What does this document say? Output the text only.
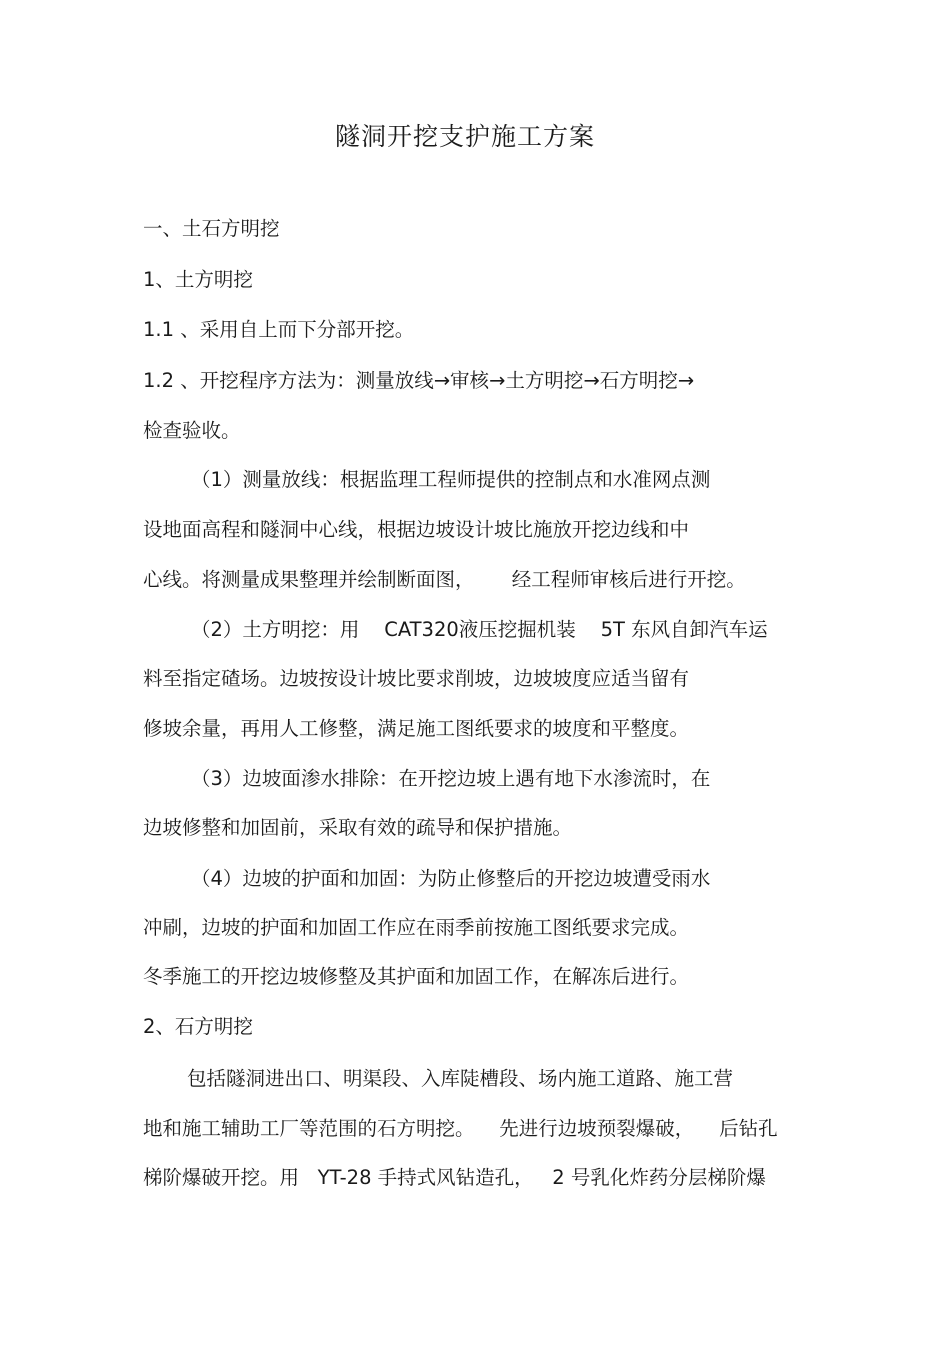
隧洞开挖支护施工方案
一、土石方明挖
1、土方明挖
1.1 、采用自上而下分部开挖。
1.2 、开挖程序方法为：测量放线→审核→土方明挖→石方明挖→
检查验收。
（1）测量放线：根据监理工程师提供的控制点和水准网点测
设地面高程和隧洞中心线，根据边坡设计坡比施放开挖边线和中
心线。将测量成果整理并绘制断面图，      经工程师审核后进行开挖。
（2）土方明挖：用    CAT320液压挖掘机装    5T 东风自卸汽车运
料至指定碴场。边坡按设计坡比要求削坡，边坡坡度应适当留有
修坡余量，再用人工修整，满足施工图纸要求的坡度和平整度。
（3）边坡面渗水排除：在开挖边坡上遇有地下水渗流时，在
边坡修整和加固前，采取有效的疏导和保护措施。
（4）边坡的护面和加固：为防止修整后的开挖边坡遭受雨水
冲刷，边坡的护面和加固工作应在雨季前按施工图纸要求完成。
冬季施工的开挖边坡修整及其护面和加固工作，在解冻后进行。
2、石方明挖
包括隧洞进出口、明渠段、入库陡槽段、场内施工道路、施工营
地和施工辅助工厂等范围的石方明挖。    先进行边坡预裂爆破，    后钻孔
梯阶爆破开挖。用   YT-28 手持式风钻造孔，   2 号乳化炸药分层梯阶爆
